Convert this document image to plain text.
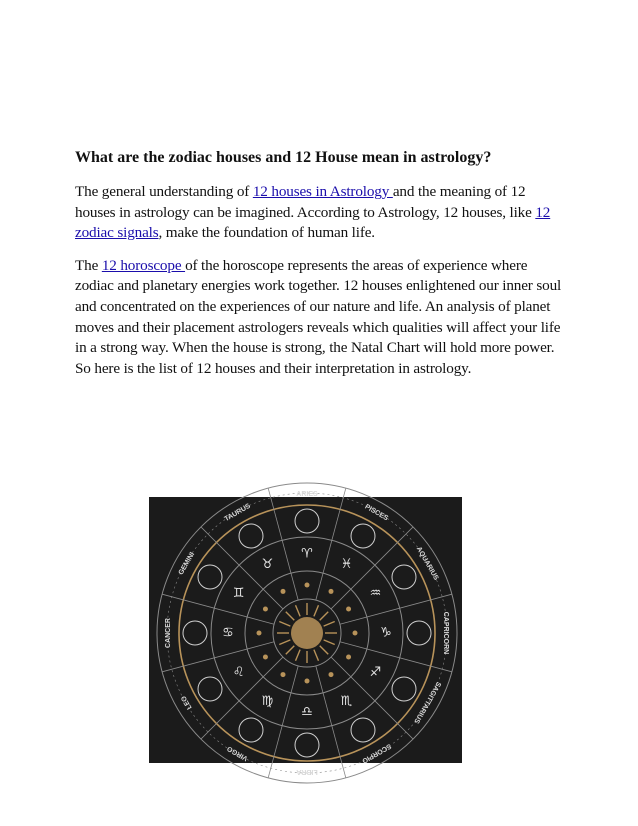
What are the zodiac houses and 12 House mean in astrology?

The general understanding of 12 houses in Astrology and the meaning of 12 houses in astrology can be imagined. According to Astrology, 12 houses, like 12 zodiac signals, make the foundation of human life.

The 12 horoscope of the horoscope represents the areas of experience where zodiac and planetary energies work together. 12 houses enlightened our inner soul and concentrated on the experiences of our nature and life. An analysis of planet moves and their placement astrologers reveals which qualities will affect your life in a strong way. When the house is strong, the Natal Chart will hold more power. So here is the list of 12 houses and their interpretation in astrology.

ARIES
♈
PISCES
♓	AQUARIUS
♒
CAPRICORN
♑
SAGITTARIUS
♐
SCORPIO
♏
LIBRA
♎
VIRGO
♍
LEO
♌
CANCER	♋
GEMINI
♊
TAURUS
♉
